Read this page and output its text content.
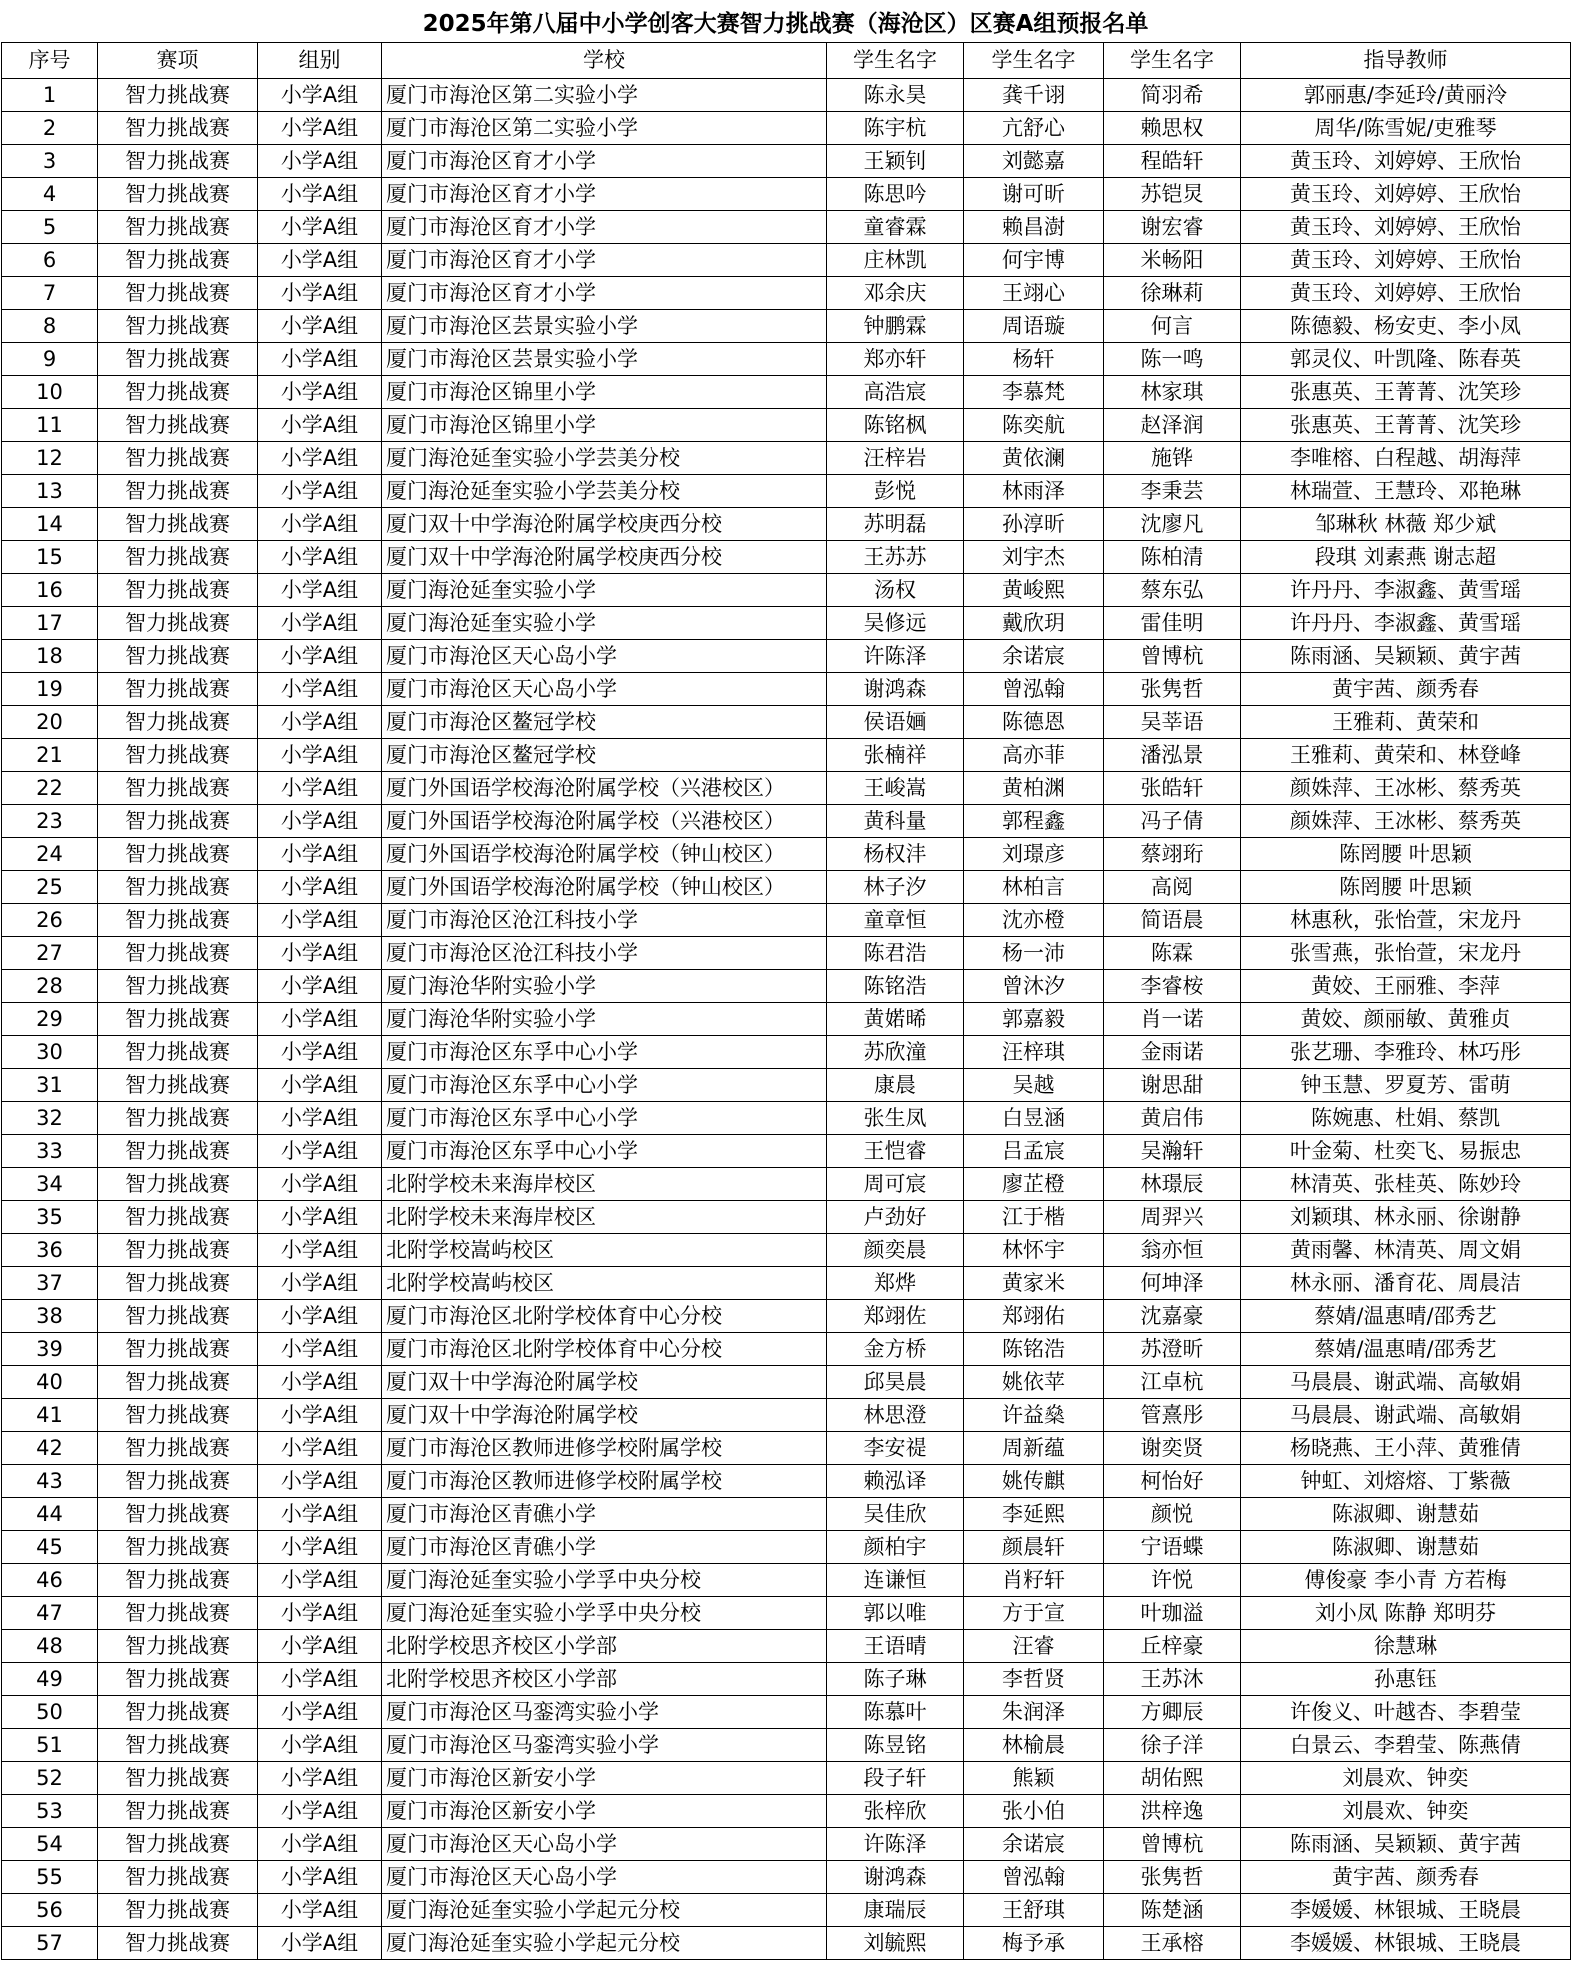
2025年第八届中小学创客大赛智力挑战赛（海沧区）区赛A组预报名单
序号	赛项	组别	学校	学生名字	学生名字	学生名字	指导教师
1	智力挑战赛	小学A组	厦门市海沧区第二实验小学	陈永昊	龚千诩	简羽希	郭丽惠/李延玲/黄丽泠
2	智力挑战赛	小学A组	厦门市海沧区第二实验小学	陈宇杭	亢舒心	赖思权	周华/陈雪妮/吏雅琴
3	智力挑战赛	小学A组	厦门市海沧区育才小学	王颖钊	刘懿嘉	程皓轩	黄玉玲、刘婷婷、王欣怡
4	智力挑战赛	小学A组	厦门市海沧区育才小学	陈思吟	谢可昕	苏铠炅	黄玉玲、刘婷婷、王欣怡
5	智力挑战赛	小学A组	厦门市海沧区育才小学	童睿霖	赖昌澍	谢宏睿	黄玉玲、刘婷婷、王欣怡
6	智力挑战赛	小学A组	厦门市海沧区育才小学	庄林凯	何宇博	米畅阳	黄玉玲、刘婷婷、王欣怡
7	智力挑战赛	小学A组	厦门市海沧区育才小学	邓余庆	王翊心	徐琳莉	黄玉玲、刘婷婷、王欣怡
8	智力挑战赛	小学A组	厦门市海沧区芸景实验小学	钟鹏霖	周语璇	何言	陈德毅、杨安吏、李小凤
9	智力挑战赛	小学A组	厦门市海沧区芸景实验小学	郑亦轩	杨轩	陈一鸣	郭灵仪、叶凯隆、陈春英
10	智力挑战赛	小学A组	厦门市海沧区锦里小学	高浩宸	李慕梵	林家琪	张惠英、王菁菁、沈笑珍
11	智力挑战赛	小学A组	厦门市海沧区锦里小学	陈铭枫	陈奕航	赵泽润	张惠英、王菁菁、沈笑珍
12	智力挑战赛	小学A组	厦门海沧延奎实验小学芸美分校	汪梓岩	黄依澜	施铧	李唯榕、白程越、胡海萍
13	智力挑战赛	小学A组	厦门海沧延奎实验小学芸美分校	彭悦	林雨泽	李秉芸	林瑞萱、王慧玲、邓艳琳
14	智力挑战赛	小学A组	厦门双十中学海沧附属学校庚西分校	苏明磊	孙淳昕	沈廖凡	邹琳秋 林薇 郑少斌
15	智力挑战赛	小学A组	厦门双十中学海沧附属学校庚西分校	王苏苏	刘宇杰	陈柏清	段琪 刘素燕 谢志超
16	智力挑战赛	小学A组	厦门海沧延奎实验小学	汤权	黄峻熙	蔡东弘	许丹丹、李淑鑫、黄雪瑶
17	智力挑战赛	小学A组	厦门海沧延奎实验小学	吴修远	戴欣玥	雷佳明	许丹丹、李淑鑫、黄雪瑶
18	智力挑战赛	小学A组	厦门市海沧区天心岛小学	许陈泽	余诺宸	曾博杭	陈雨涵、吴颖颖、黄宇茜
19	智力挑战赛	小学A组	厦门市海沧区天心岛小学	谢鸿森	曾泓翰	张隽哲	黄宇茜、颜秀春
20	智力挑战赛	小学A组	厦门市海沧区鳌冠学校	侯语婳	陈德恩	吴莘语	王雅莉、黄荣和
21	智力挑战赛	小学A组	厦门市海沧区鳌冠学校	张楠祥	高亦菲	潘泓景	王雅莉、黄荣和、林登峰
22	智力挑战赛	小学A组	厦门外国语学校海沧附属学校（兴港校区）	王峻嵩	黄柏渊	张皓轩	颜姝萍、王冰彬、蔡秀英
23	智力挑战赛	小学A组	厦门外国语学校海沧附属学校（兴港校区）	黄科量	郭程鑫	冯子倩	颜姝萍、王冰彬、蔡秀英
24	智力挑战赛	小学A组	厦门外国语学校海沧附属学校（钟山校区）	杨权沣	刘璟彦	蔡翊珩	陈罔腰 叶思颖
25	智力挑战赛	小学A组	厦门外国语学校海沧附属学校（钟山校区）	林子汐	林柏言	高阅	陈罔腰 叶思颖
26	智力挑战赛	小学A组	厦门市海沧区沧江科技小学	童章恒	沈亦橙	简语晨	林惠秋，张怡萱，宋龙丹
27	智力挑战赛	小学A组	厦门市海沧区沧江科技小学	陈君浩	杨一沛	陈霖	张雪燕，张怡萱，宋龙丹
28	智力挑战赛	小学A组	厦门海沧华附实验小学	陈铭浩	曾沐汐	李睿桉	黄姣、王丽雅、李萍
29	智力挑战赛	小学A组	厦门海沧华附实验小学	黄婼晞	郭嘉毅	肖一诺	黄姣、颜丽敏、黄雅贞
30	智力挑战赛	小学A组	厦门市海沧区东孚中心小学	苏欣潼	汪梓琪	金雨诺	张艺珊、李雅玲、林巧彤
31	智力挑战赛	小学A组	厦门市海沧区东孚中心小学	康晨	吴越	谢思甜	钟玉慧、罗夏芳、雷萌
32	智力挑战赛	小学A组	厦门市海沧区东孚中心小学	张生凤	白昱涵	黄启伟	陈婉惠、杜娟、蔡凯
33	智力挑战赛	小学A组	厦门市海沧区东孚中心小学	王恺睿	吕孟宸	吴瀚轩	叶金菊、杜奕飞、易振忠
34	智力挑战赛	小学A组	北附学校未来海岸校区	周可宸	廖芷橙	林璟辰	林清英、张桂英、陈妙玲
35	智力挑战赛	小学A组	北附学校未来海岸校区	卢劲好	江于楷	周羿兴	刘颖琪、林永丽、徐谢静
36	智力挑战赛	小学A组	北附学校嵩屿校区	颜奕晨	林怀宇	翁亦恒	黄雨馨、林清英、周文娟
37	智力挑战赛	小学A组	北附学校嵩屿校区	郑烨	黄家米	何坤泽	林永丽、潘育花、周晨洁
38	智力挑战赛	小学A组	厦门市海沧区北附学校体育中心分校	郑翊佐	郑翊佑	沈嘉豪	蔡婧/温惠晴/邵秀艺
39	智力挑战赛	小学A组	厦门市海沧区北附学校体育中心分校	金方桥	陈铭浩	苏澄昕	蔡婧/温惠晴/邵秀艺
40	智力挑战赛	小学A组	厦门双十中学海沧附属学校	邱昊晨	姚依苹	江卓杭	马晨晨、谢武端、高敏娟
41	智力挑战赛	小学A组	厦门双十中学海沧附属学校	林思澄	许益燊	管熹彤	马晨晨、谢武端、高敏娟
42	智力挑战赛	小学A组	厦门市海沧区教师进修学校附属学校	李安禔	周新蕴	谢奕贤	杨晓燕、王小萍、黄雅倩
43	智力挑战赛	小学A组	厦门市海沧区教师进修学校附属学校	赖泓译	姚传麒	柯怡好	钟虹、刘熔熔、丁紫薇
44	智力挑战赛	小学A组	厦门市海沧区青礁小学	吴佳欣	李延熙	颜悦	陈淑卿、谢慧茹
45	智力挑战赛	小学A组	厦门市海沧区青礁小学	颜柏宇	颜晨轩	宁语蝶	陈淑卿、谢慧茹
46	智力挑战赛	小学A组	厦门海沧延奎实验小学孚中央分校	连谦恒	肖籽轩	许悦	傅俊豪 李小青 方若梅
47	智力挑战赛	小学A组	厦门海沧延奎实验小学孚中央分校	郭以唯	方于宣	叶珈溢	刘小凤 陈静 郑明芬
48	智力挑战赛	小学A组	北附学校思齐校区小学部	王语晴	汪睿	丘梓豪	徐慧琳
49	智力挑战赛	小学A组	北附学校思齐校区小学部	陈子琳	李哲贤	王苏沐	孙惠钰
50	智力挑战赛	小学A组	厦门市海沧区马銮湾实验小学	陈慕叶	朱润泽	方卿辰	许俊义、叶越杏、李碧莹
51	智力挑战赛	小学A组	厦门市海沧区马銮湾实验小学	陈昱铭	林榆晨	徐子洋	白景云、李碧莹、陈燕倩
52	智力挑战赛	小学A组	厦门市海沧区新安小学	段子轩	熊颖	胡佑熙	刘晨欢、钟奕
53	智力挑战赛	小学A组	厦门市海沧区新安小学	张梓欣	张小伯	洪梓逸	刘晨欢、钟奕
54	智力挑战赛	小学A组	厦门市海沧区天心岛小学	许陈泽	余诺宸	曾博杭	陈雨涵、吴颖颖、黄宇茜
55	智力挑战赛	小学A组	厦门市海沧区天心岛小学	谢鸿森	曾泓翰	张隽哲	黄宇茜、颜秀春
56	智力挑战赛	小学A组	厦门海沧延奎实验小学起元分校	康瑞辰	王舒琪	陈楚涵	李媛媛、林银城、王晓晨
57	智力挑战赛	小学A组	厦门海沧延奎实验小学起元分校	刘毓熙	梅予承	王承榕	李媛媛、林银城、王晓晨
